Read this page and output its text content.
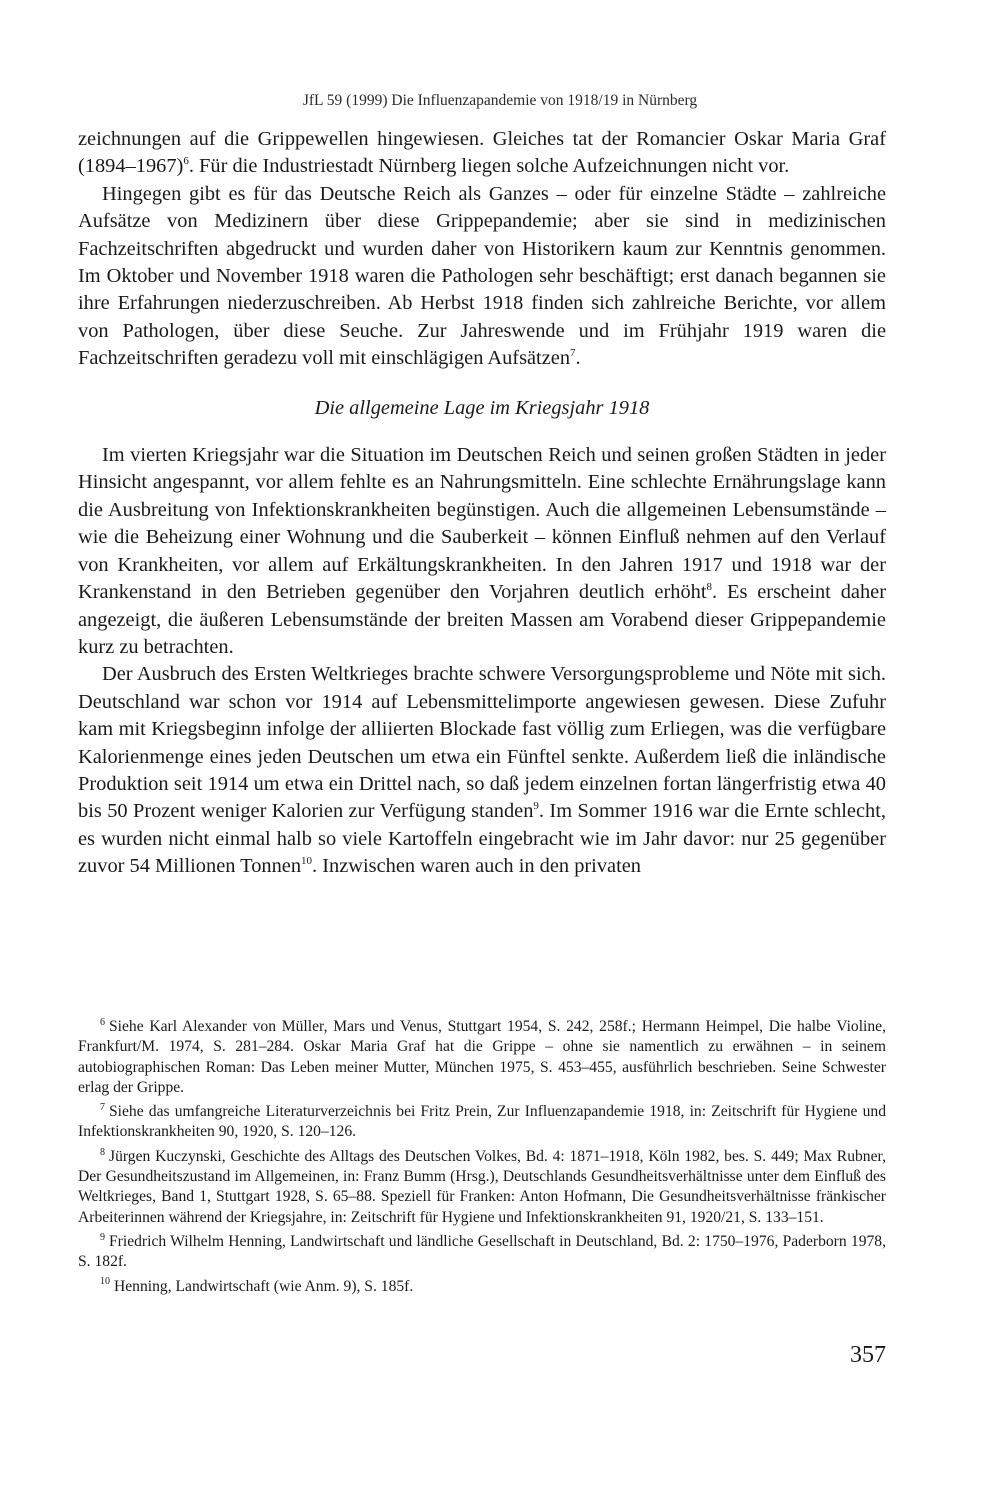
JfL 59 (1999) Die Influenzapandemie von 1918/19 in Nürnberg

zeichnungen auf die Grippewellen hingewiesen. Gleiches tat der Romancier Oskar Maria Graf (1894–1967)$^6$. Für die Industriestadt Nürnberg liegen solche Aufzeichnungen nicht vor.

Hingegen gibt es für das Deutsche Reich als Ganzes – oder für einzelne Städte – zahlreiche Aufsätze von Medizinern über diese Grippepandemie; aber sie sind in medizinischen Fachzeitschriften abgedruckt und wurden daher von Historikern kaum zur Kenntnis genommen. Im Oktober und November 1918 waren die Pathologen sehr beschäftigt; erst danach begannen sie ihre Erfahrungen niederzuschreiben. Ab Herbst 1918 finden sich zahlreiche Berichte, vor allem von Pathologen, über diese Seuche. Zur Jahreswende und im Frühjahr 1919 waren die Fachzeitschriften geradezu voll mit einschlägigen Aufsätzen$^7$.

Die allgemeine Lage im Kriegsjahr 1918

Im vierten Kriegsjahr war die Situation im Deutschen Reich und seinen großen Städten in jeder Hinsicht angespannt, vor allem fehlte es an Nahrungsmitteln. Eine schlechte Ernährungslage kann die Ausbreitung von Infektionskrankheiten begünstigen. Auch die allgemeinen Lebensumstände – wie die Beheizung einer Wohnung und die Sauberkeit – können Einfluß nehmen auf den Verlauf von Krankheiten, vor allem auf Erkältungskrankheiten. In den Jahren 1917 und 1918 war der Krankenstand in den Betrieben gegenüber den Vorjahren deutlich erhöht$^8$. Es erscheint daher angezeigt, die äußeren Lebensumstände der breiten Massen am Vorabend dieser Grippepandemie kurz zu betrachten.

Der Ausbruch des Ersten Weltkrieges brachte schwere Versorgungsprobleme und Nöte mit sich. Deutschland war schon vor 1914 auf Lebensmittelimporte angewiesen gewesen. Diese Zufuhr kam mit Kriegsbeginn infolge der alliierten Blockade fast völlig zum Erliegen, was die verfügbare Kalorienmenge eines jeden Deutschen um etwa ein Fünftel senkte. Außerdem ließ die inländische Produktion seit 1914 um etwa ein Drittel nach, so daß jedem einzelnen fortan längerfristig etwa 40 bis 50 Prozent weniger Kalorien zur Verfügung standen$^9$. Im Sommer 1916 war die Ernte schlecht, es wurden nicht einmal halb so viele Kartoffeln eingebracht wie im Jahr davor: nur 25 gegenüber zuvor 54 Millionen Tonnen$^{10}$. Inzwischen waren auch in den privaten

$^6$ Siehe Karl Alexander von Müller, Mars und Venus, Stuttgart 1954, S. 242, 258f.; Hermann Heimpel, Die halbe Violine, Frankfurt/M. 1974, S. 281–284. Oskar Maria Graf hat die Grippe – ohne sie namentlich zu erwähnen – in seinem autobiographischen Roman: Das Leben meiner Mutter, München 1975, S. 453–455, ausführlich beschrieben. Seine Schwester erlag der Grippe.

$^7$ Siehe das umfangreiche Literaturverzeichnis bei Fritz Prein, Zur Influenzapandemie 1918, in: Zeitschrift für Hygiene und Infektionskrankheiten 90, 1920, S. 120–126.

$^8$ Jürgen Kuczynski, Geschichte des Alltags des Deutschen Volkes, Bd. 4: 1871–1918, Köln 1982, bes. S. 449; Max Rubner, Der Gesundheitszustand im Allgemeinen, in: Franz Bumm (Hrsg.), Deutschlands Gesundheitsverhältnisse unter dem Einfluß des Weltkrieges, Band 1, Stuttgart 1928, S. 65–88. Speziell für Franken: Anton Hofmann, Die Gesundheitsverhältnisse fränkischer Arbeiterinnen während der Kriegsjahre, in: Zeitschrift für Hygiene und Infektionskrankheiten 91, 1920/21, S. 133–151.

$^9$ Friedrich Wilhelm Henning, Landwirtschaft und ländliche Gesellschaft in Deutschland, Bd. 2: 1750–1976, Paderborn 1978, S. 182f.

$^{10}$ Henning, Landwirtschaft (wie Anm. 9), S. 185f.

357
